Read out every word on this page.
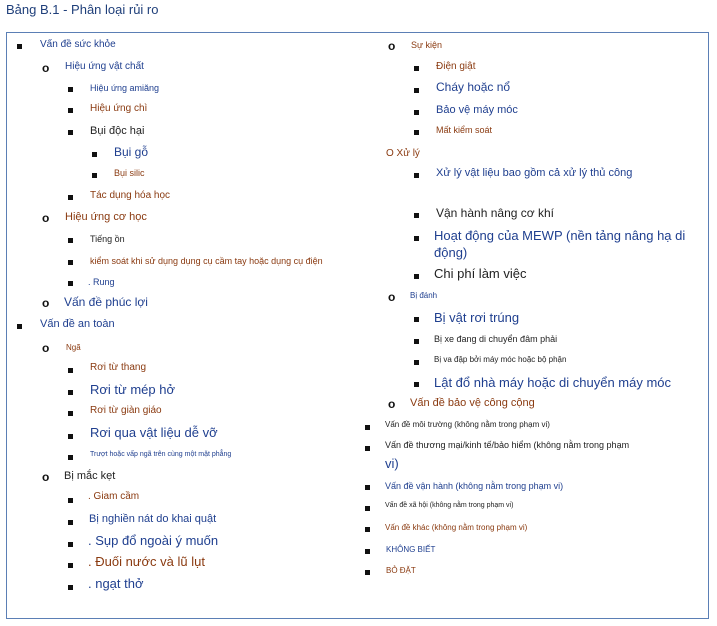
Bảng B.1 - Phân loại rủi ro
Vấn đề sức khỏe
o Hiệu ứng vật chất
Hiệu ứng amiăng
Hiệu ứng chì
Bụi độc hại
Bụi gỗ
Bụi silic
Tác dụng hóa học
o Hiệu ứng cơ học
Tiếng ồn
kiểm soát khi sử dụng dụng cụ cầm tay hoặc dụng cụ điện
. Rung
o Vấn đề phúc lợi
Vấn đề an toàn
o Ngã
Rơi từ thang
Rơi từ mép hở
Rơi từ giàn giáo
Rơi qua vật liệu dễ vỡ
Trượt hoặc vấp ngã trên cùng một mặt phẳng
o Bị mắc kẹt
. Giam cầm
Bị nghiền nát do khai quật
. Sụp đổ ngoài ý muốn
. Đuối nước và lũ lụt
. ngạt thở
o Sự kiện
Điện giật
Cháy hoặc nổ
Bảo vệ máy móc
Mất kiểm soát
O Xử lý
Xử lý vật liệu bao gồm cả xử lý thủ công
Vận hành nâng cơ khí
Hoạt động của MEWP (nền tảng nâng hạ di
động)
Chi phí làm việc
o Bị đánh
Bị vật rơi trúng
Bị xe đang di chuyển đâm phải
Bị va đập bởi máy móc hoặc bộ phận
Lật đổ nhà máy hoặc di chuyển máy móc
o Vấn đề bảo vệ công cộng
Vấn đề môi trường (không nằm trong phạm vi)
Vấn đề thương mại/kinh tế/bảo hiểm (không nằm trong phạm
vi)
Vấn đề vận hành (không nằm trong phạm vi)
Vấn đề xã hội (không nằm trong phạm vi)
Vấn đề khác (không nằm trong phạm vi)
KHÔNG BIẾT
BỎ ĐẶT
